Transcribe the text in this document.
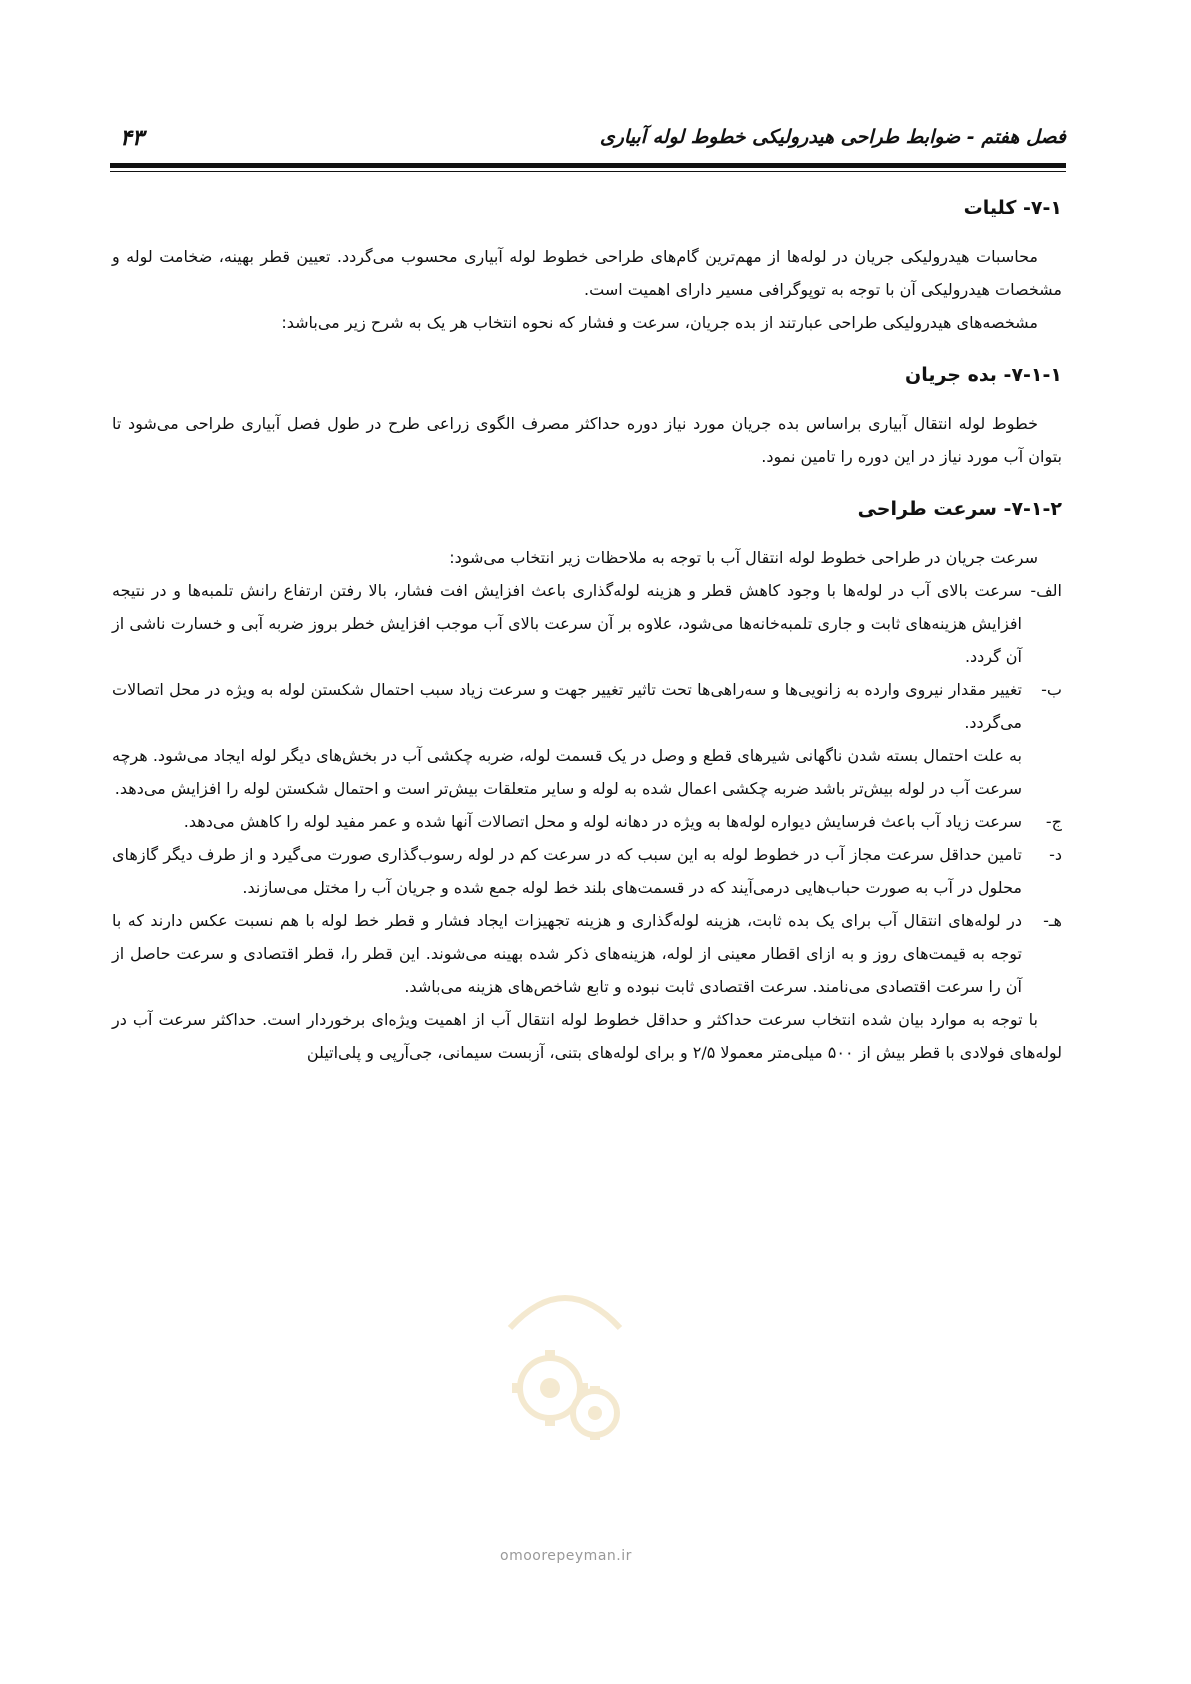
فصل هفتم - ضوابط طراحی هیدرولیکی خطوط لوله آبیاری
۴۳
۷-۱- کلیات

محاسبات هیدرولیکی جریان در لوله‌ها از مهم‌ترین گام‌های طراحی خطوط لوله آبیاری محسوب می‌گردد. تعیین قطر بهینه، ضخامت لوله و مشخصات هیدرولیکی آن با توجه به توپوگرافی مسیر دارای اهمیت است.

مشخصه‌های هیدرولیکی طراحی عبارتند از بده جریان، سرعت و فشار که نحوه انتخاب هر یک به شرح زیر می‌باشد:

۷-۱-۱- بده جریان

خطوط لوله انتقال آبیاری براساس بده جریان مورد نیاز دوره حداکثر مصرف الگوی زراعی طرح در طول فصل آبیاری طراحی می‌شود تا بتوان آب مورد نیاز در این دوره را تامین نمود.

۷-۱-۲- سرعت طراحی

سرعت جریان در طراحی خطوط لوله انتقال آب با توجه به ملاحظات زیر انتخاب می‌شود:

الف-
سرعت بالای آب در لوله‌ها با وجود کاهش قطر و هزینه لوله‌گذاری باعث افزایش افت فشار، بالا رفتن ارتفاع رانش تلمبه‌ها و در نتیجه افزایش هزینه‌های ثابت و جاری تلمبه‌خانه‌ها می‌شود، علاوه بر آن سرعت بالای آب موجب افزایش خطر بروز ضربه آبی و خسارت ناشی از آن گردد.
ب-
تغییر مقدار نیروی وارده به زانویی‌ها و سه‌راهی‌ها تحت تاثیر تغییر جهت و سرعت زیاد سبب احتمال شکستن لوله به ویژه در محل اتصالات می‌گردد.

به علت احتمال بسته شدن ناگهانی شیرهای قطع و وصل در یک قسمت لوله، ضربه چکشی آب در بخش‌های دیگر لوله ایجاد می‌شود. هرچه سرعت آب در لوله بیش‌تر باشد ضربه چکشی اعمال شده به لوله و سایر متعلقات بیش‌تر است و احتمال شکستن لوله را افزایش می‌دهد.

ج-
سرعت زیاد آب باعث فرسایش دیواره لوله‌ها به ویژه در دهانه لوله و محل اتصالات آنها شده و عمر مفید لوله را کاهش می‌دهد.
د-
تامین حداقل سرعت مجاز آب در خطوط لوله به این سبب که در سرعت کم در لوله رسوب‌گذاری صورت می‌گیرد و از طرف دیگر گازهای محلول در آب به صورت حباب‌هایی درمی‌آیند که در قسمت‌های بلند خط لوله جمع شده و جریان آب را مختل می‌سازند.
هـ-
در لوله‌های انتقال آب برای یک بده ثابت، هزینه لوله‌گذاری و هزینه تجهیزات ایجاد فشار و قطر خط لوله با هم نسبت عکس دارند که با توجه به قیمت‌های روز و به ازای اقطار معینی از لوله، هزینه‌های ذکر شده بهینه می‌شوند. این قطر را، قطر اقتصادی و سرعت حاصل از آن را سرعت اقتصادی می‌نامند. سرعت اقتصادی ثابت نبوده و تابع شاخص‌های هزینه می‌باشد.

با توجه به موارد بیان شده انتخاب سرعت حداکثر و حداقل خطوط لوله انتقال آب از اهمیت ویژه‌ای برخوردار است. حداکثر سرعت آب در لوله‌های فولادی با قطر بیش از ۵۰۰ میلی‌متر معمولا ۲/۵ و برای لوله‌های بتنی، آزبست سیمانی، جی‌آرپی و پلی‌اتیلن

omoorepeyman.ir
